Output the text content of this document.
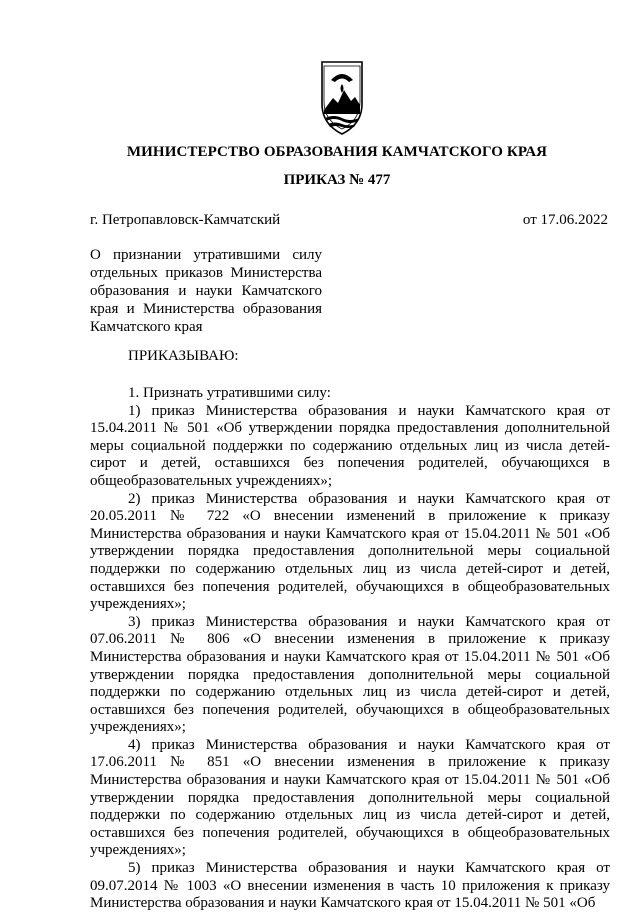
МИНИСТЕРСТВО ОБРАЗОВАНИЯ КАМЧАТСКОГО КРАЯ
ПРИКАЗ № 477
г. Петропавловск-Камчатский	от 17.06.2022
О признании утратившими силу отдельных приказов Министерства образования и науки Камчатского края и Министерства образования Камчатского края
ПРИКАЗЫВАЮ:

1. Признать утратившими силу:

1) приказ Министерства образования и науки Камчатского края от 15.04.2011 № 501 «Об утверждении порядка предоставления дополнительной меры социальной поддержки по содержанию отдельных лиц из числа детей-сирот и детей, оставшихся без попечения родителей, обучающихся в общеобразовательных учреждениях»;

2) приказ Министерства образования и науки Камчатского края от 20.05.2011 № 722 «О внесении изменений в приложение к приказу Министерства образования и науки Камчатского края от 15.04.2011 № 501 «Об утверждении порядка предоставления дополнительной меры социальной поддержки по содержанию отдельных лиц из числа детей-сирот и детей, оставшихся без попечения родителей, обучающихся в общеобразовательных учреждениях»;

3) приказ Министерства образования и науки Камчатского края от 07.06.2011 № 806 «О внесении изменения в приложение к приказу Министерства образования и науки Камчатского края от 15.04.2011 № 501 «Об утверждении порядка предоставления дополнительной меры социальной поддержки по содержанию отдельных лиц из числа детей-сирот и детей, оставшихся без попечения родителей, обучающихся в общеобразовательных учреждениях»;

4) приказ Министерства образования и науки Камчатского края от 17.06.2011 № 851 «О внесении изменения в приложение к приказу Министерства образования и науки Камчатского края от 15.04.2011 № 501 «Об утверждении порядка предоставления дополнительной меры социальной поддержки по содержанию отдельных лиц из числа детей-сирот и детей, оставшихся без попечения родителей, обучающихся в общеобразовательных учреждениях»;

5) приказ Министерства образования и науки Камчатского края от 09.07.2014 № 1003 «О внесении изменения в часть 10 приложения к приказу Министерства образования и науки Камчатского края от 15.04.2011 № 501 «Об
